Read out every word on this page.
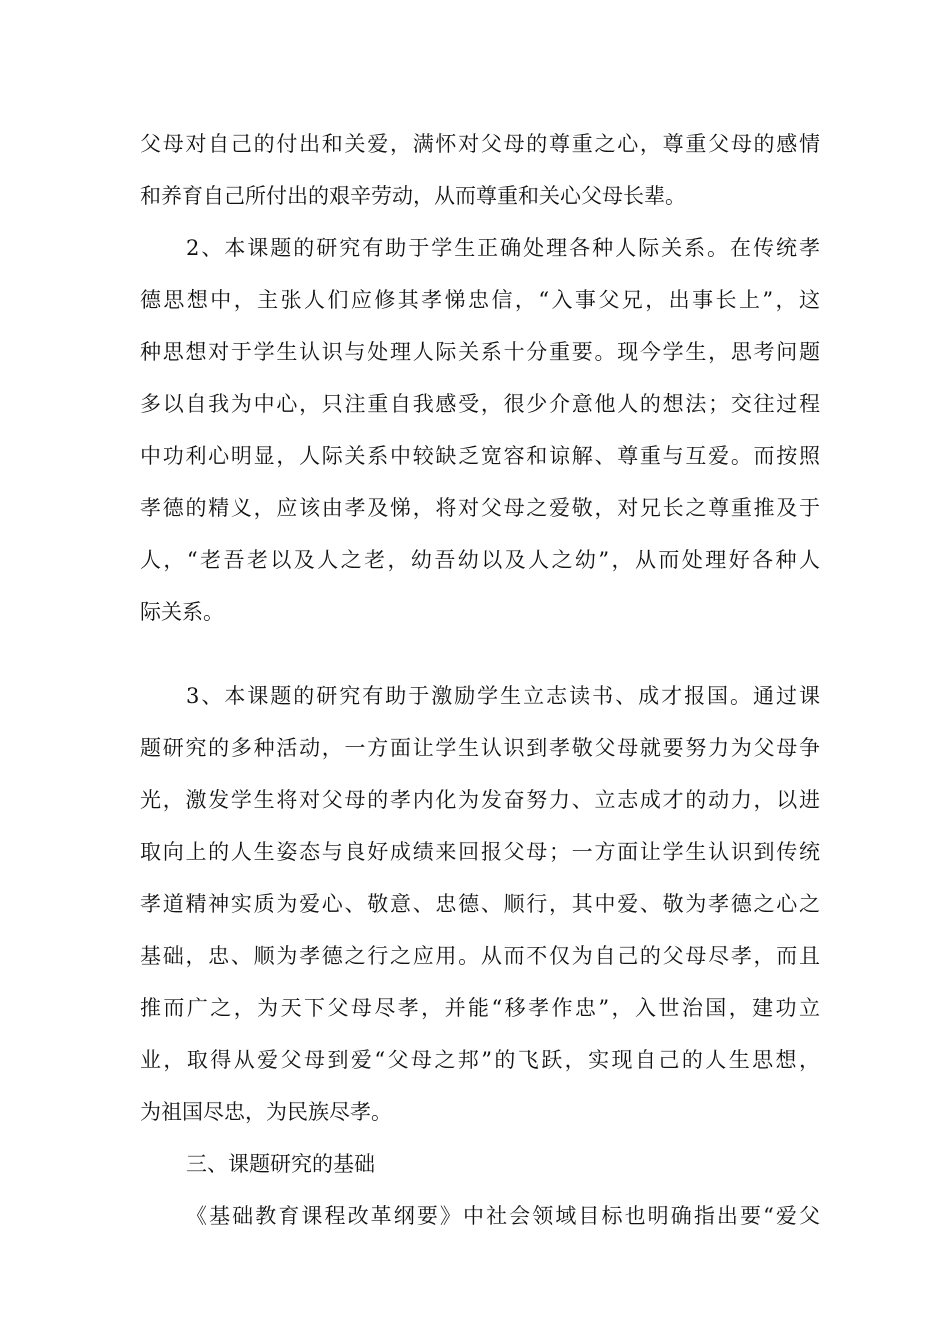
父母对自己的付出和关爱，满怀对父母的尊重之心，尊重父母的感情
和养育自己所付出的艰辛劳动，从而尊重和关心父母长辈。
2、本课题的研究有助于学生正确处理各种人际关系。在传统孝
德思想中，主张人们应修其孝悌忠信，“入事父兄，出事长上”，这
种思想对于学生认识与处理人际关系十分重要。现今学生，思考问题
多以自我为中心，只注重自我感受，很少介意他人的想法；交往过程
中功利心明显，人际关系中较缺乏宽容和谅解、尊重与互爱。而按照
孝德的精义，应该由孝及悌，将对父母之爱敬，对兄长之尊重推及于
人，“老吾老以及人之老，幼吾幼以及人之幼”，从而处理好各种人
际关系。
3、本课题的研究有助于激励学生立志读书、成才报国。通过课
题研究的多种活动，一方面让学生认识到孝敬父母就要努力为父母争
光，激发学生将对父母的孝内化为发奋努力、立志成才的动力，以进
取向上的人生姿态与良好成绩来回报父母；一方面让学生认识到传统
孝道精神实质为爱心、敬意、忠德、顺行，其中爱、敬为孝德之心之
基础，忠、顺为孝德之行之应用。从而不仅为自己的父母尽孝，而且
推而广之，为天下父母尽孝，并能“移孝作忠”，入世治国，建功立
业，取得从爱父母到爱“父母之邦”的飞跃，实现自己的人生思想，
为祖国尽忠，为民族尽孝。
三、课题研究的基础
《基础教育课程改革纲要》中社会领域目标也明确指出要“爱父
